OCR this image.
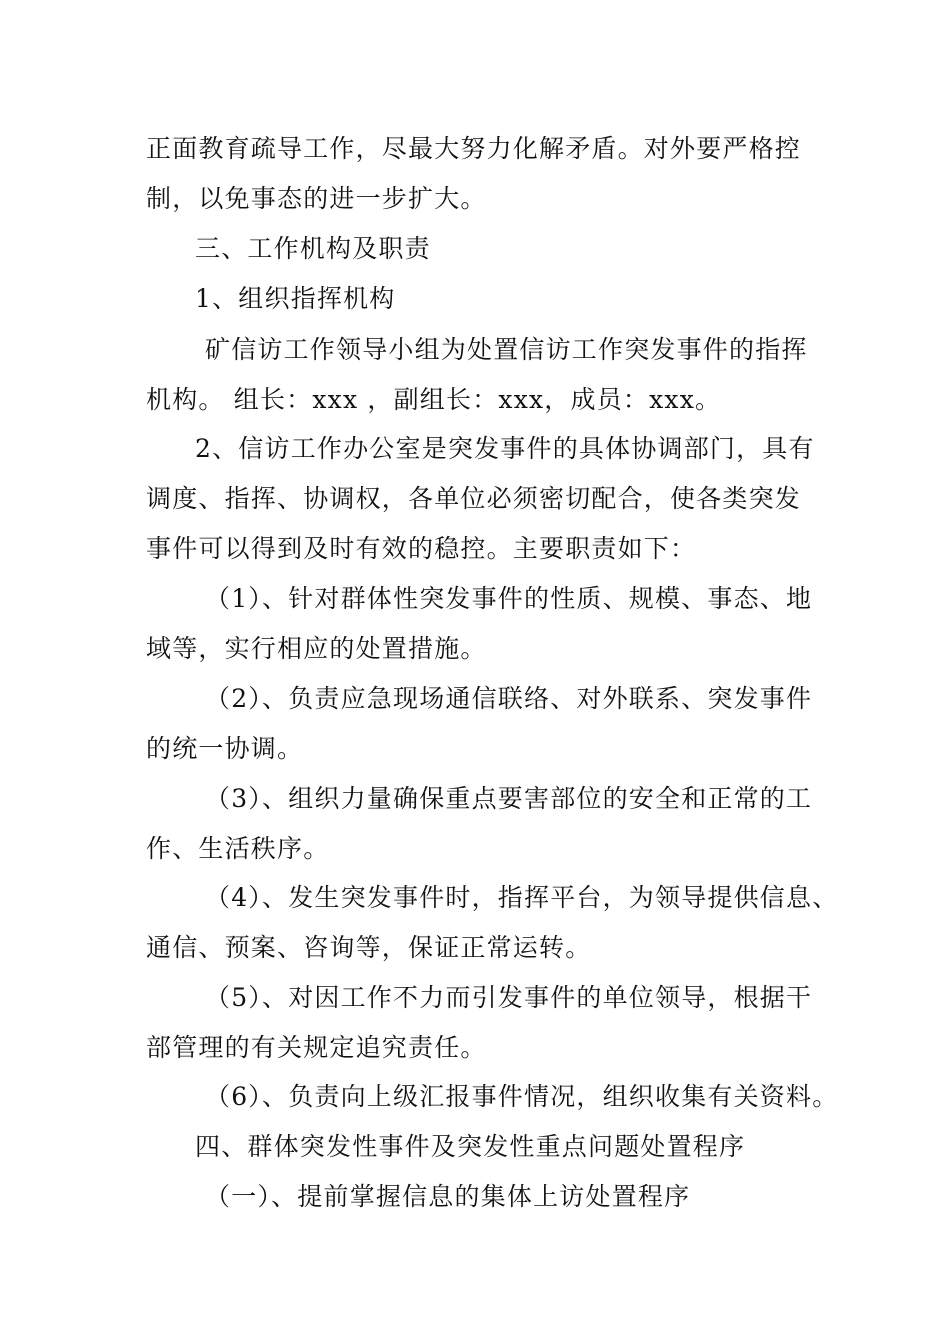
正面教育疏导工作，尽最大努力化解矛盾。对外要严格控
制，以免事态的进一步扩大。
三、工作机构及职责
1、组织指挥机构
矿信访工作领导小组为处置信访工作突发事件的指挥
机构。 组长：xxx ，副组长：xxx，成员：xxx。
2、信访工作办公室是突发事件的具体协调部门，具有
调度、指挥、协调权，各单位必须密切配合，使各类突发
事件可以得到及时有效的稳控。主要职责如下：
（1）、针对群体性突发事件的性质、规模、事态、地
域等，实行相应的处置措施。
（2）、负责应急现场通信联络、对外联系、突发事件
的统一协调。
（3）、组织力量确保重点要害部位的安全和正常的工
作、生活秩序。
（4）、发生突发事件时，指挥平台，为领导提供信息、
通信、预案、咨询等，保证正常运转。
（5）、对因工作不力而引发事件的单位领导，根据干
部管理的有关规定追究责任。
（6）、负责向上级汇报事件情况，组织收集有关资料。
四、群体突发性事件及突发性重点问题处置程序
（一）、提前掌握信息的集体上访处置程序
